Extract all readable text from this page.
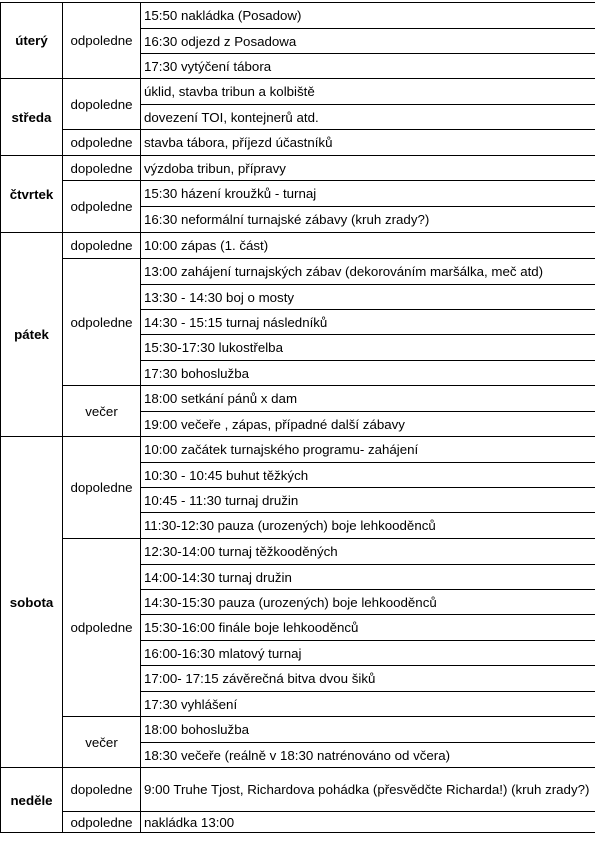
úterý	odpoledne	15:50 nakládka (Posadow)
		16:30 odjezd z Posadowa
		17:30 vytýčení tábora
středa	dopoledne	úklid, stavba tribun a kolbiště
		dovezení TOI, kontejnerů atd.
	odpoledne	stavba tábora, příjezd účastníků
čtvrtek	dopoledne	výzdoba tribun, přípravy
	odpoledne	15:30 házení kroužků - turnaj
		16:30 neformální turnajské zábavy (kruh zrady?)
pátek	dopoledne	10:00 zápas (1. část)
	odpoledne	13:00 zahájení turnajských zábav (dekorováním maršálka, meč atd)
		13:30 - 14:30 boj o mosty
		14:30 - 15:15 turnaj následníků
		15:30-17:30 lukostřelba
		17:30 bohoslužba
	večer	18:00 setkání pánů x dam
		19:00 večeře , zápas, případné další zábavy
sobota	dopoledne	10:00 začátek turnajského programu- zahájení
		10:30 - 10:45 buhut těžkých
		10:45 - 11:30 turnaj družin
		11:30-12:30 pauza (urozených) boje lehkooděnců
	odpoledne	12:30-14:00 turnaj těžkooděných
		14:00-14:30 turnaj družin
		14:30-15:30 pauza (urozených) boje lehkooděnců
		15:30-16:00 finále boje lehkooděnců
		16:00-16:30 mlatový turnaj
		17:00- 17:15 závěrečná bitva dvou šiků
		17:30 vyhlášení
	večer	18:00 bohoslužba
		18:30 večeře (reálně v 18:30 natrénováno od včera)
neděle	dopoledne	9:00 Truhe Tjost, Richardova pohádka (přesvědčte Richarda!) (kruh zrady?)
	odpoledne	nakládka 13:00
